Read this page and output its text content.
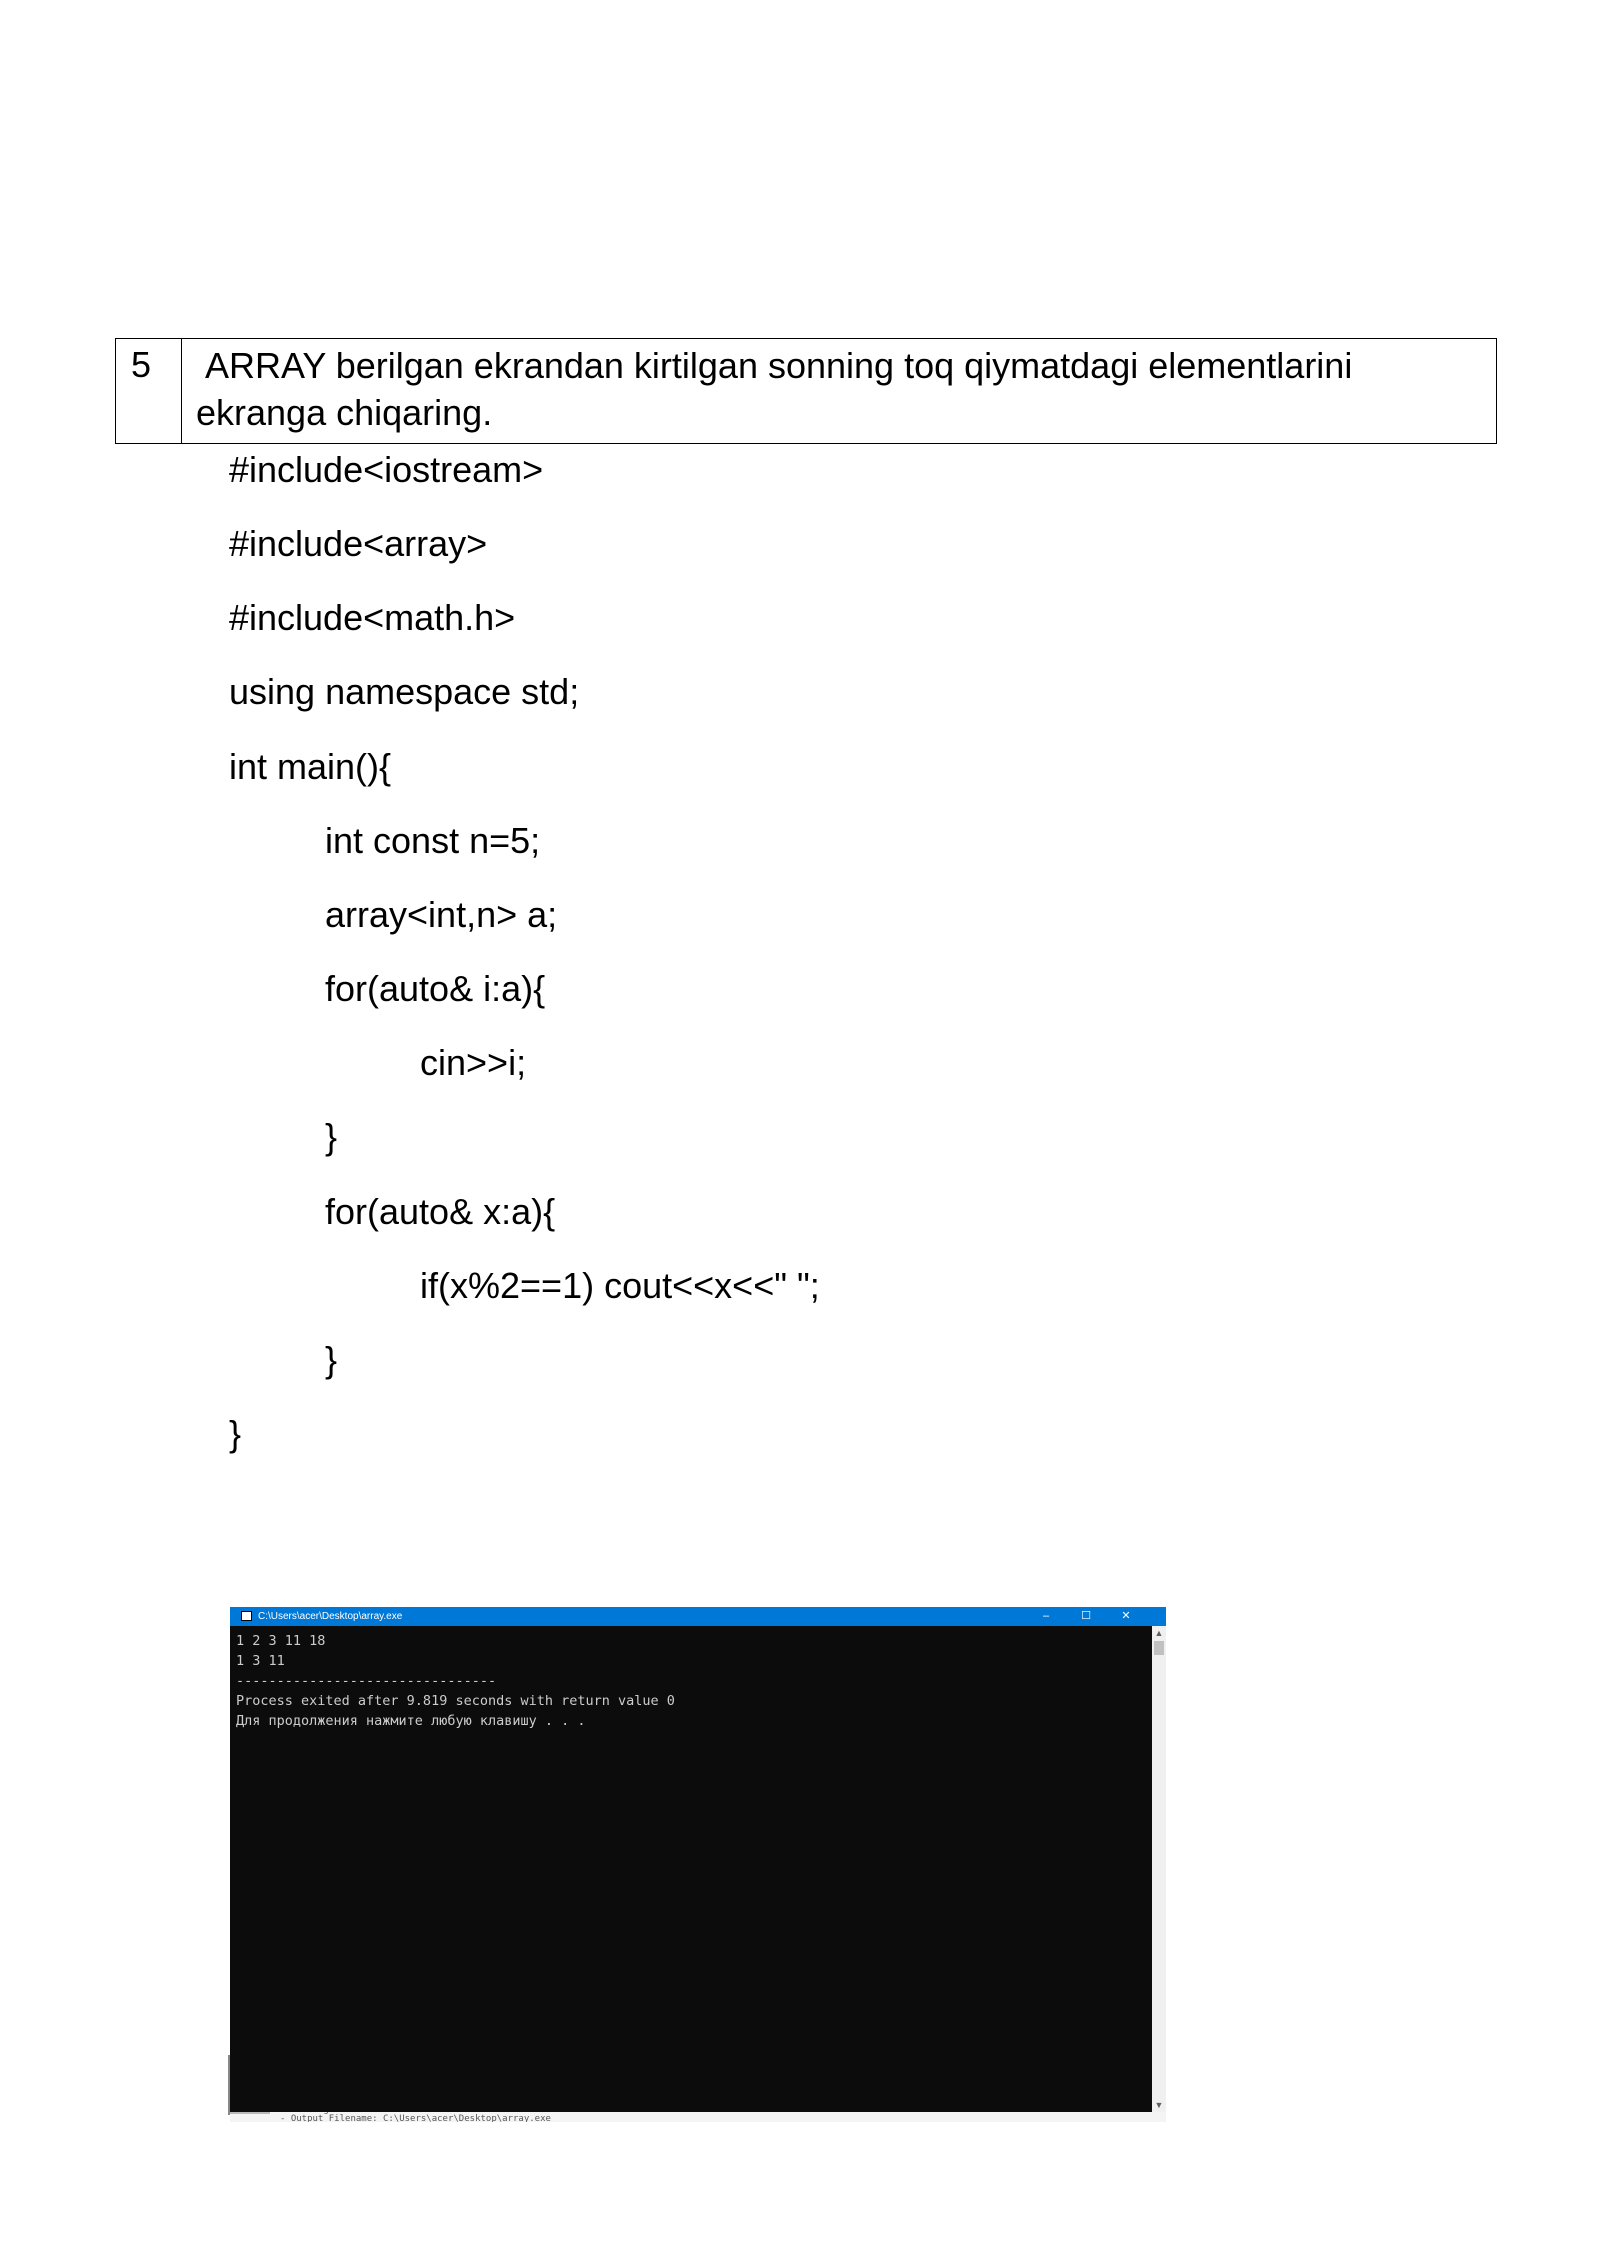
5	ARRAY berilgan ekrandan kirtilgan sonning toq qiymatdagi elementlarini
ekranga chiqaring.
#include<iostream>
#include<array>
#include<math.h>
using namespace std;
int main(){
int const n=5;
array<int,n> a;
for(auto& i:a){
cin>>i;
}
for(auto& x:a){
if(x%2==1) cout<<x<<" ";
}
}

- Output Filename: C:\Users\acer\Desktop\array.exe
C:\Users\acer\Desktop\array.exe	–	☐	✕
1 2 3 11 18
1 3 11
--------------------------------
Process exited after 9.819 seconds with return value 0
Для продолжения нажмите любую клавишу . . .
▲
▼
